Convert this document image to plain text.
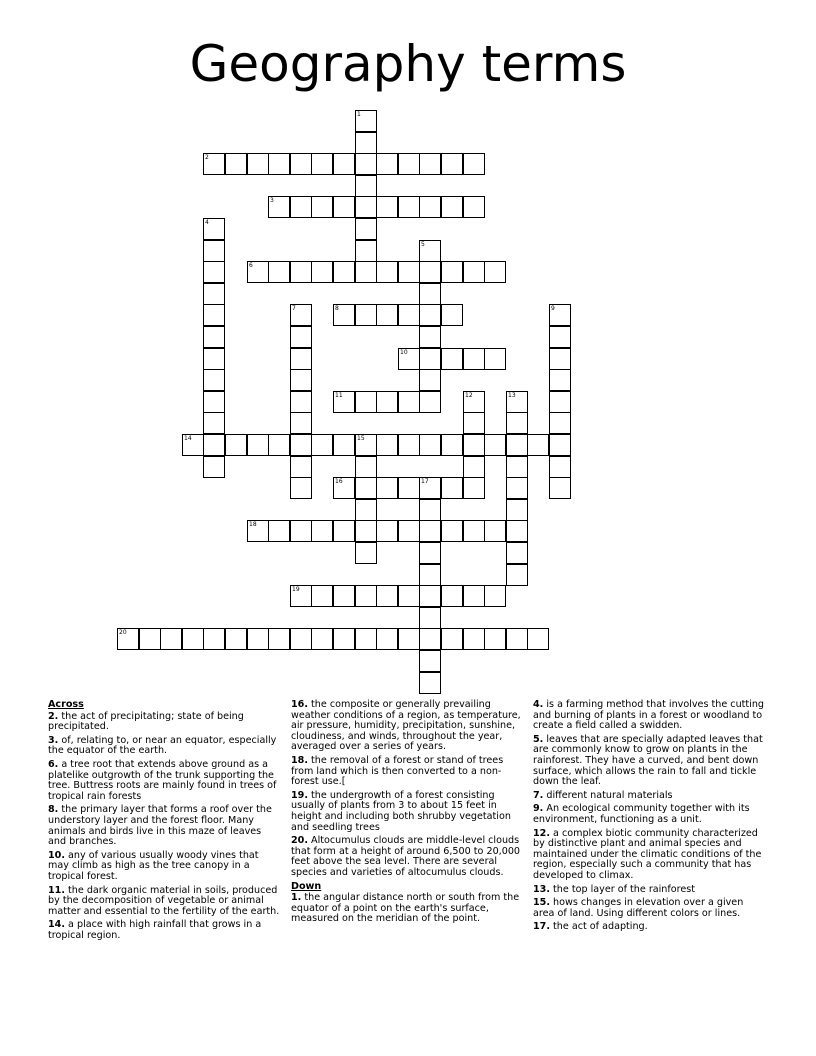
Geography terms
1
2
3
4
5
6
7	8	9
10
11	12	13
14	15
16	17
18
19
20
Across
2. the act of precipitating; state of being precipitated.
3. of, relating to, or near an equator, especially the equator of the earth.
6. a tree root that extends above ground as a platelike outgrowth of the trunk supporting the tree. Buttress roots are mainly found in trees of tropical rain forests
8. the primary layer that forms a roof over the understory layer and the forest floor. Many animals and birds live in this maze of leaves and branches.
10. any of various usually woody vines that may climb as high as the tree canopy in a tropical forest.
11. the dark organic material in soils, produced by the decomposition of vegetable or animal matter and essential to the fertility of the earth.
14. a place with high rainfall that grows in a tropical region.
16. the composite or generally prevailing weather conditions of a region, as temperature, air pressure, humidity, precipitation, sunshine, cloudiness, and winds, throughout the year, averaged over a series of years.
18. the removal of a forest or stand of trees from land which is then converted to a non-forest use.[
19. the undergrowth of a forest consisting usually of plants from 3 to about 15 feet in height and including both shrubby vegetation and seedling trees
20. Altocumulus clouds are middle-level clouds that form at a height of around 6,500 to 20,000 feet above the sea level. There are several species and varieties of altocumulus clouds.
Down
1. the angular distance north or south from the equator of a point on the earth's surface, measured on the meridian of the point.
4. is a farming method that involves the cutting and burning of plants in a forest or woodland to create a field called a swidden.
5. leaves that are specially adapted leaves that are commonly know to grow on plants in the rainforest. They have a curved, and bent down surface, which allows the rain to fall and tickle down the leaf.
7. different natural materials
9. An ecological community together with its environment, functioning as a unit.
12. a complex biotic community characterized by distinctive plant and animal species and maintained under the climatic conditions of the region, especially such a community that has developed to climax.
13. the top layer of the rainforest
15. hows changes in elevation over a given area of land. Using different colors or lines.
17. the act of adapting.
